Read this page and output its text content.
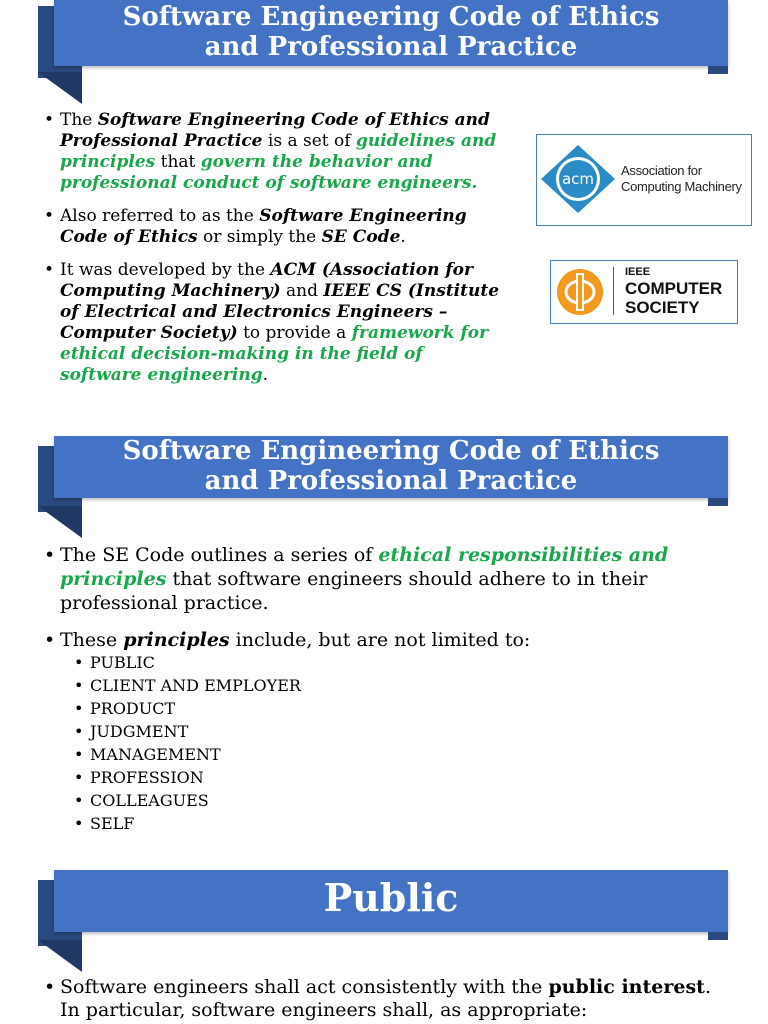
Software Engineering Code of Ethics
and Professional Practice
• The Software Engineering Code of Ethics and Professional Practice is a set of guidelines and principles that govern the behavior and professional conduct of software engineers.
• Also referred to as the Software Engineering Code of Ethics or simply the SE Code.
• It was developed by the ACM (Association for Computing Machinery) and IEEE CS (Institute of Electrical and Electronics Engineers – Computer Society) to provide a framework for ethical decision-making in the field of software engineering.
acm Association for
Computing Machinery
IEEE
COMPUTER
SOCIETY
Software Engineering Code of Ethics
and Professional Practice
• The SE Code outlines a series of ethical responsibilities and principles that software engineers should adhere to in their professional practice.
• These principles include, but are not limited to:
• PUBLIC
• CLIENT AND EMPLOYER
• PRODUCT
• JUDGMENT
• MANAGEMENT
• PROFESSION
• COLLEAGUES
• SELF
Public
• Software engineers shall act consistently with the public interest. In particular, software engineers shall, as appropriate:
